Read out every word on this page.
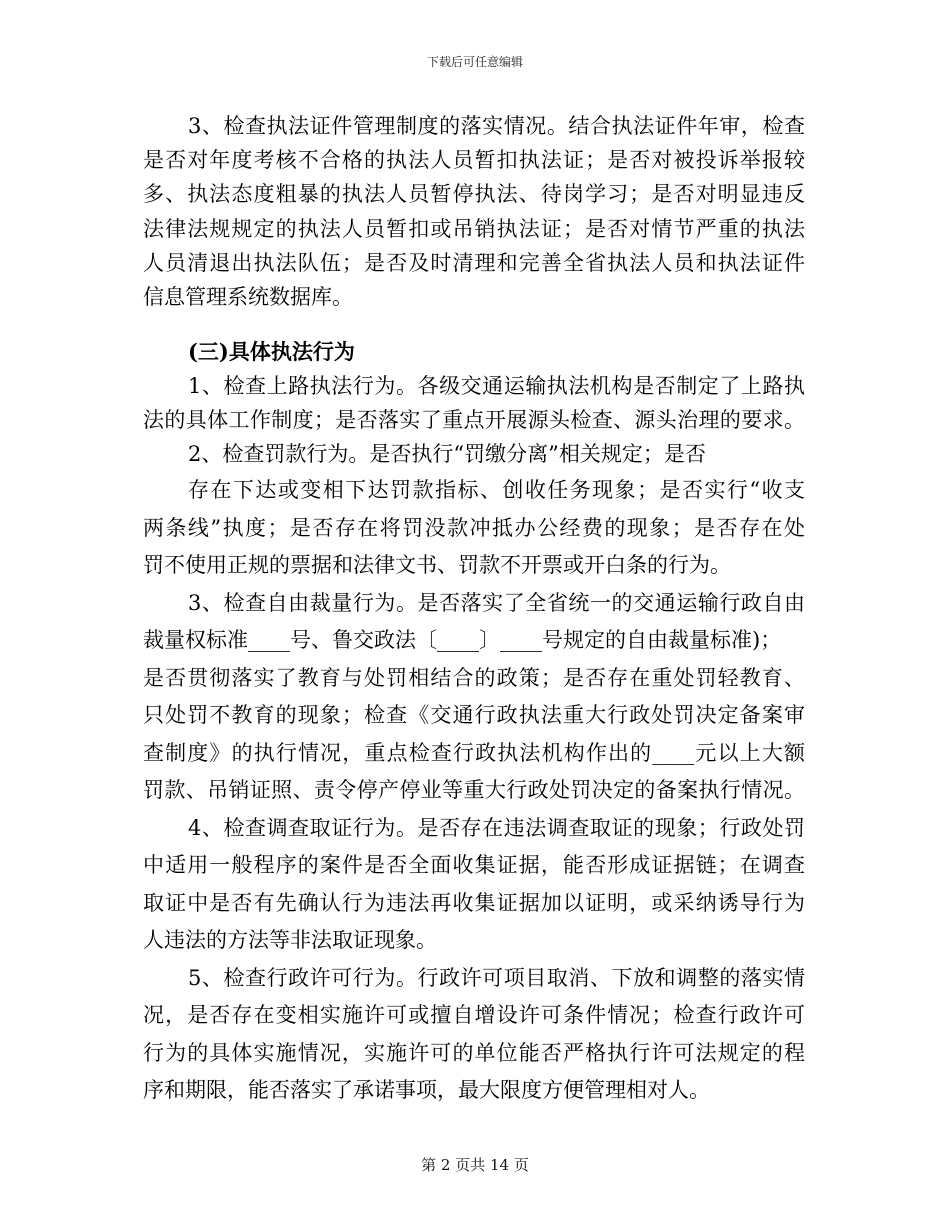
下载后可任意编辑
3、检查执法证件管理制度的落实情况。结合执法证件年审，检查
是否对年度考核不合格的执法人员暂扣执法证；是否对被投诉举报较
多、执法态度粗暴的执法人员暂停执法、待岗学习；是否对明显违反
法律法规规定的执法人员暂扣或吊销执法证；是否对情节严重的执法
人员清退出执法队伍；是否及时清理和完善全省执法人员和执法证件
信息管理系统数据库。
(三)具体执法行为
1、检查上路执法行为。各级交通运输执法机构是否制定了上路执
法的具体工作制度；是否落实了重点开展源头检查、源头治理的要求。
2、检查罚款行为。是否执行“罚缴分离”相关规定；是否
存在下达或变相下达罚款指标、创收任务现象；是否实行“收支
两条线”执度；是否存在将罚没款冲抵办公经费的现象；是否存在处
罚不使用正规的票据和法律文书、罚款不开票或开白条的行为。
3、检查自由裁量行为。是否落实了全省统一的交通运输行政自由
裁量权标准____号、鲁交政法〔____〕____号规定的自由裁量标准)；
是否贯彻落实了教育与处罚相结合的政策；是否存在重处罚轻教育、
只处罚不教育的现象；检查《交通行政执法重大行政处罚决定备案审
查制度》的执行情况，重点检查行政执法机构作出的____元以上大额
罚款、吊销证照、责令停产停业等重大行政处罚决定的备案执行情况。
4、检查调查取证行为。是否存在违法调查取证的现象；行政处罚
中适用一般程序的案件是否全面收集证据，能否形成证据链；在调查
取证中是否有先确认行为违法再收集证据加以证明，或采纳诱导行为
人违法的方法等非法取证现象。
5、检查行政许可行为。行政许可项目取消、下放和调整的落实情
况，是否存在变相实施许可或擅自增设许可条件情况；检查行政许可
行为的具体实施情况，实施许可的单位能否严格执行许可法规定的程
序和期限，能否落实了承诺事项，最大限度方便管理相对人。
第 2 页共 14 页
